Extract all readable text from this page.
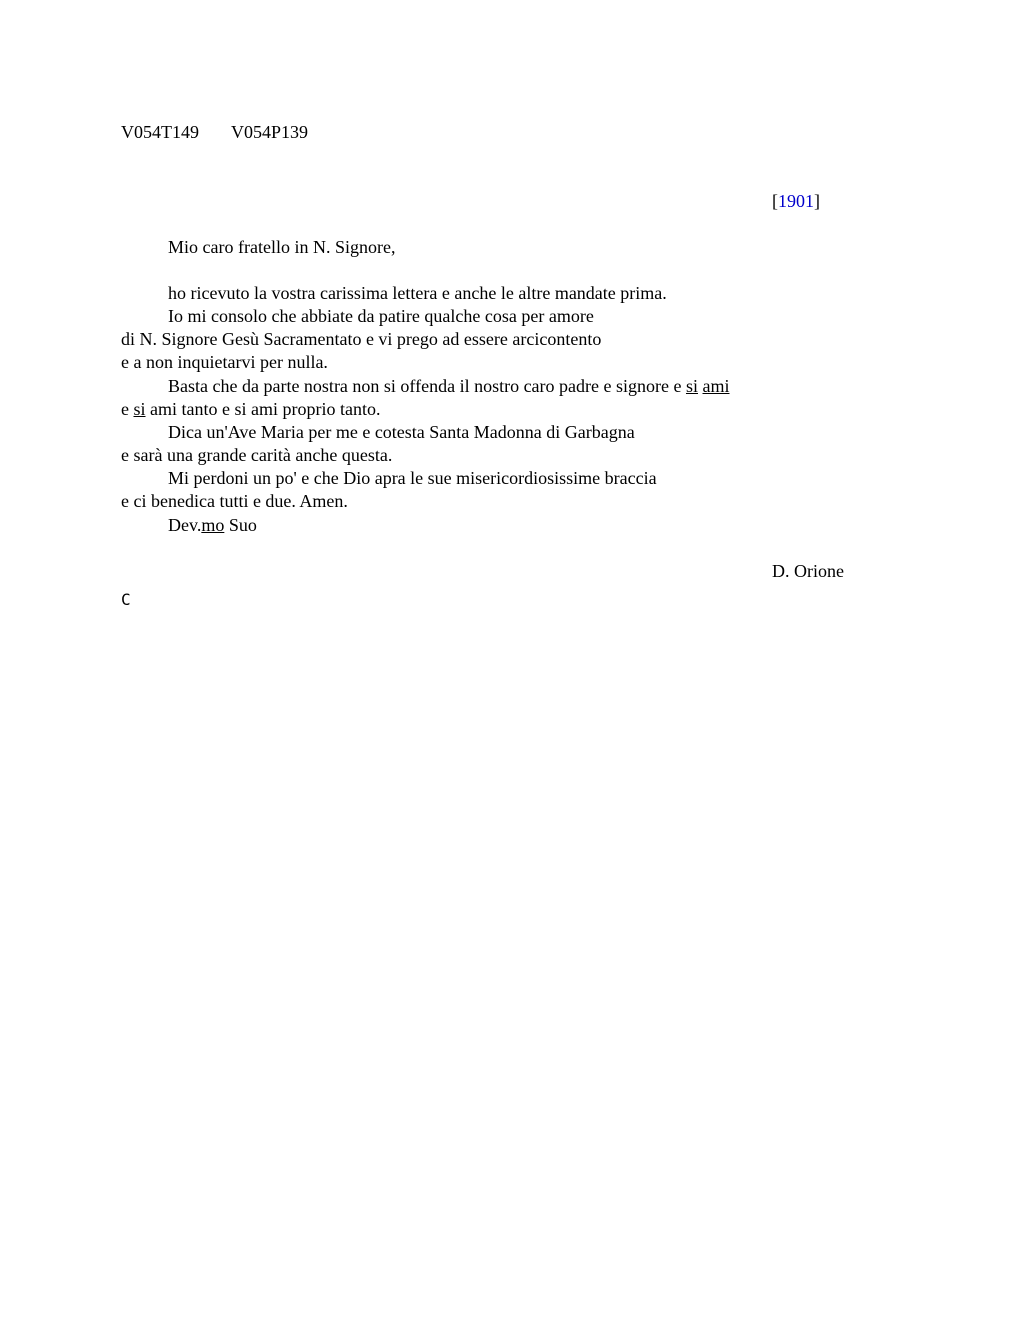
V054T149 V054P139
[1901]
Mio caro fratello in N. Signore,
ho ricevuto la vostra carissima lettera e anche le altre mandate prima.
Io mi consolo che abbiate da patire qualche cosa per amore
di N. Signore Gesù Sacramentato e vi prego ad essere arcicontento
e a non inquietarvi per nulla.
Basta che da parte nostra non si offenda il nostro caro padre e signore e si ami
e si ami tanto e si ami proprio tanto.
Dica un'Ave Maria per me e cotesta Santa Madonna di Garbagna
e sarà una grande carità anche questa.
Mi perdoni un po' e che Dio apra le sue misericordiosissime braccia
e ci benedica tutti e due. Amen.
Dev.mo Suo
D. Orione
C
